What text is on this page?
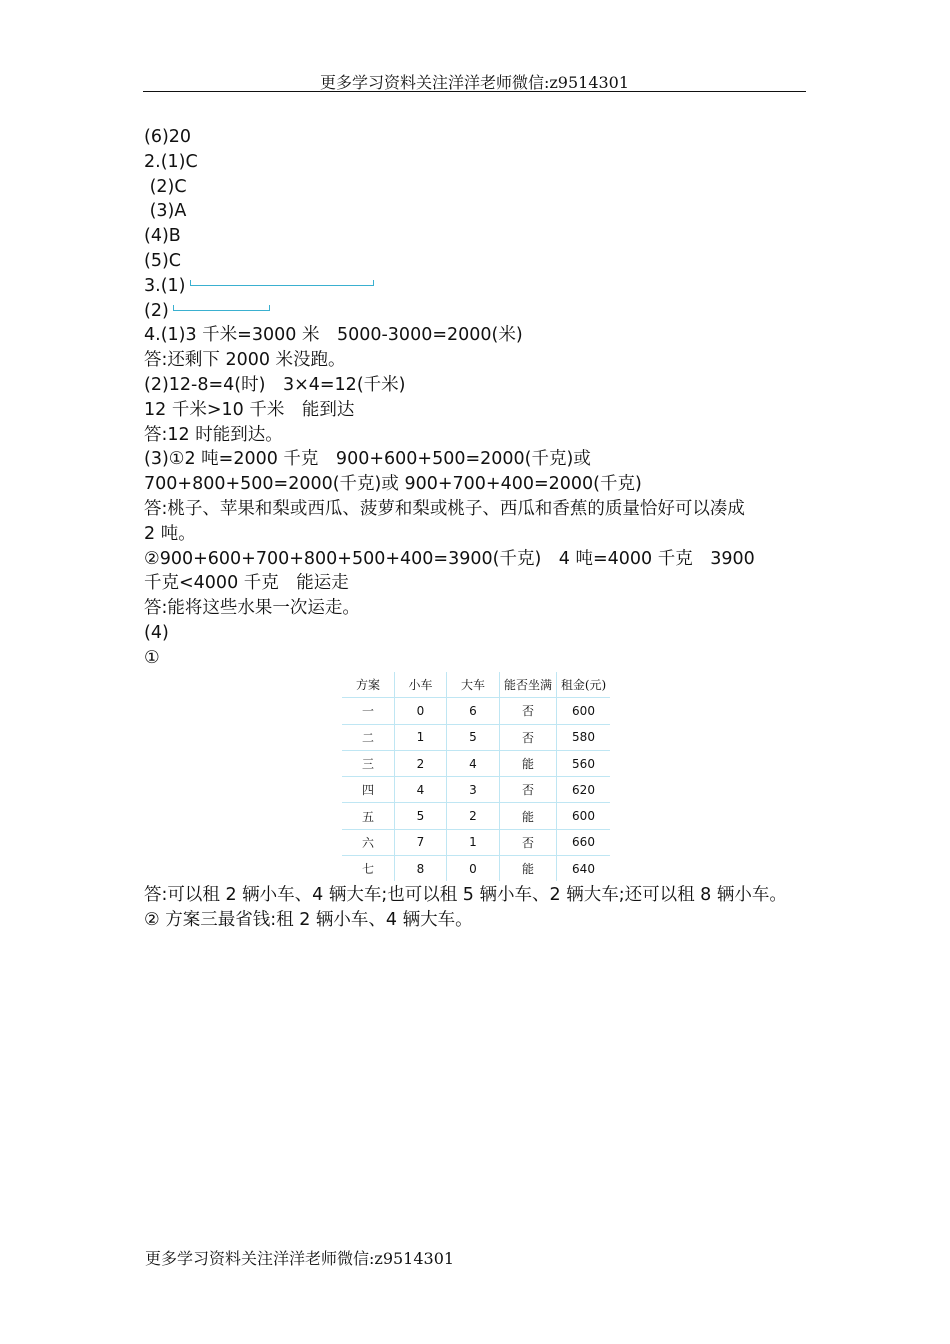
更多学习资料关注洋洋老师微信:z9514301
(6)20
2.(1)C
(2)C
(3)A
(4)B
(5)C
3.(1)
(2)
4.(1)3 千米=3000 米　5000-3000=2000(米)
答:还剩下 2000 米没跑。
(2)12-8=4(时)　3×4=12(千米)
12 千米>10 千米　能到达
答:12 时能到达。
(3)①2 吨=2000 千克　900+600+500=2000(千克)或
700+800+500=2000(千克)或 900+700+400=2000(千克)
答:桃子、苹果和梨或西瓜、菠萝和梨或桃子、西瓜和香蕉的质量恰好可以凑成
2 吨。
②900+600+700+800+500+400=3900(千克)　4 吨=4000 千克　3900
千克<4000 千克　能运走
答:能将这些水果一次运走。
(4)
①
答:可以租 2 辆小车、4 辆大车;也可以租 5 辆小车、2 辆大车;还可以租 8 辆小车。
② 方案三最省钱:租 2 辆小车、4 辆大车。
方案	小车	大车	能否坐满	租金(元)
一	0	6	否	600
二	1	5	否	580
三	2	4	能	560
四	4	3	否	620
五	5	2	能	600
六	7	1	否	660
七	8	0	能	640
更多学习资料关注洋洋老师微信:z9514301
